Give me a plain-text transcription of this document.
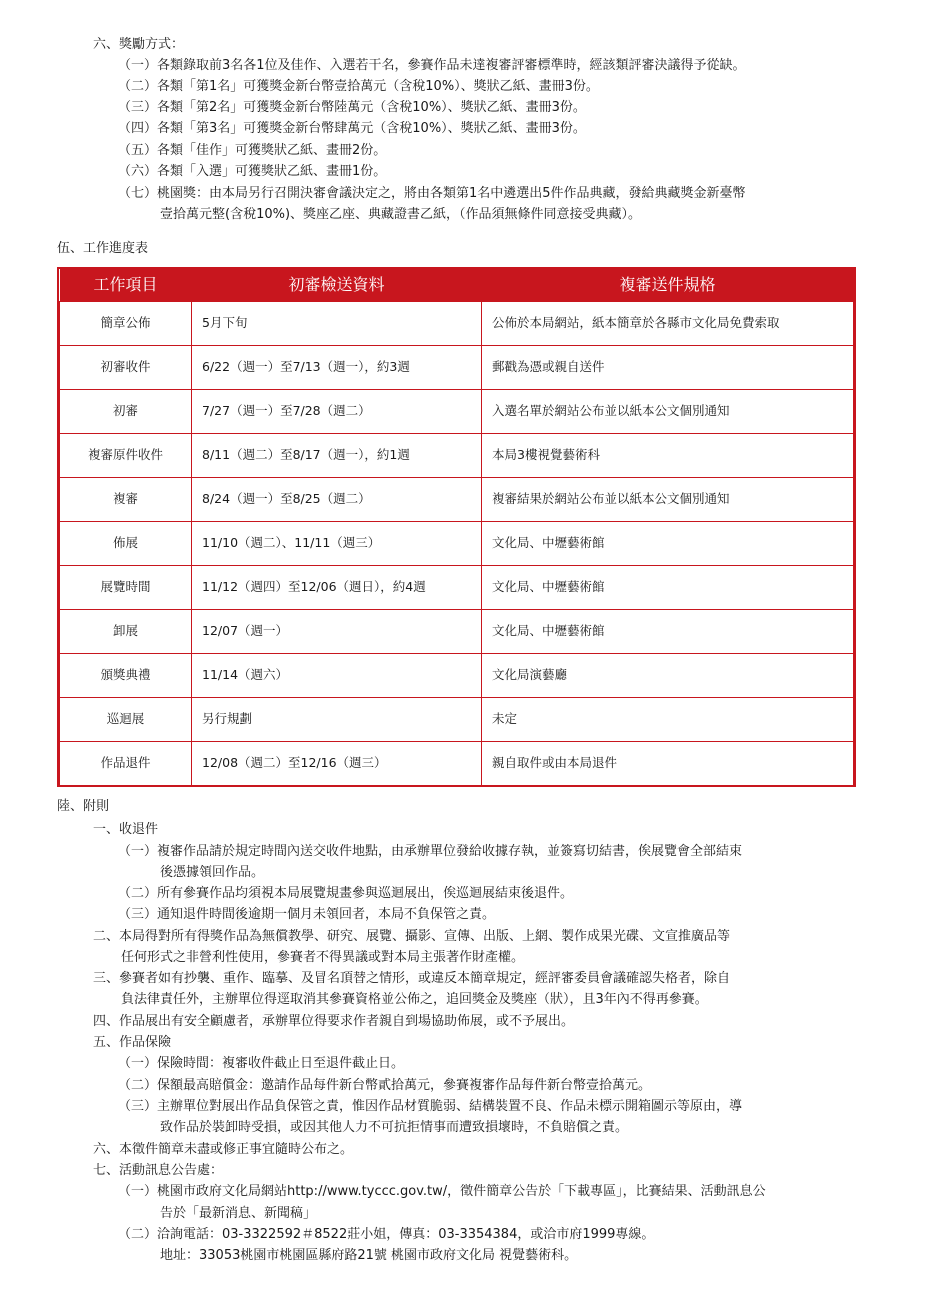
六、獎勵方式：
（一）各類錄取前3名各1位及佳作、入選若干名，參賽作品未達複審評審標準時，經該類評審決議得予從缺。
（二）各類「第1名」可獲獎金新台幣壹拾萬元（含稅10%）、獎狀乙紙、畫冊3份。
（三）各類「第2名」可獲獎金新台幣陸萬元（含稅10%）、獎狀乙紙、畫冊3份。
（四）各類「第3名」可獲獎金新台幣肆萬元（含稅10%）、獎狀乙紙、畫冊3份。
（五）各類「佳作」可獲獎狀乙紙、畫冊2份。
（六）各類「入選」可獲獎狀乙紙、畫冊1份。
（七）桃園獎：由本局另行召開決審會議決定之，將由各類第1名中遴選出5件作品典藏，發給典藏獎金新臺幣
壹拾萬元整(含稅10%)、獎座乙座、典藏證書乙紙，（作品須無條件同意接受典藏）。
伍、工作進度表
工作項目	初審檢送資料	複審送件規格
簡章公佈	5月下旬	公佈於本局網站，紙本簡章於各縣市文化局免費索取
初審收件	6/22（週一）至7/13（週一），約3週	郵戳為憑或親自送件
初審	7/27（週一）至7/28（週二）	入選名單於網站公布並以紙本公文個別通知
複審原件收件	8/11（週二）至8/17（週一），約1週	本局3樓視覺藝術科
複審	8/24（週一）至8/25（週二）	複審結果於網站公布並以紙本公文個別通知
佈展	11/10（週二）、11/11（週三）	文化局、中壢藝術館
展覽時間	11/12（週四）至12/06（週日），約4週	文化局、中壢藝術館
卸展	12/07（週一）	文化局、中壢藝術館
頒獎典禮	11/14（週六）	文化局演藝廳
巡迴展	另行規劃	未定
作品退件	12/08（週二）至12/16（週三）	親自取件或由本局退件
陸、附則
一、收退件
（一）複審作品請於規定時間內送交收件地點，由承辦單位發給收據存執，並簽寫切結書，俟展覽會全部結束
後憑據領回作品。
（二）所有參賽作品均須視本局展覽規畫參與巡迴展出，俟巡迴展結束後退件。
（三）通知退件時間後逾期一個月未領回者，本局不負保管之責。
二、本局得對所有得獎作品為無償教學、研究、展覽、攝影、宣傳、出版、上網、製作成果光碟、文宣推廣品等
任何形式之非營利性使用，參賽者不得異議或對本局主張著作財產權。
三、參賽者如有抄襲、重作、臨摹、及冒名頂替之情形，或違反本簡章規定，經評審委員會議確認失格者，除自
負法律責任外，主辦單位得逕取消其參賽資格並公佈之，追回獎金及獎座（狀），且3年內不得再參賽。
四、作品展出有安全顧慮者，承辦單位得要求作者親自到場協助佈展，或不予展出。
五、作品保險
（一）保險時間：複審收件截止日至退件截止日。
（二）保額最高賠償金：邀請作品每件新台幣貳拾萬元，參賽複審作品每件新台幣壹拾萬元。
（三）主辦單位對展出作品負保管之責，惟因作品材質脆弱、結構裝置不良、作品未標示開箱圖示等原由，導
致作品於裝卸時受損，或因其他人力不可抗拒情事而遭致損壞時，不負賠償之責。
六、本徵件簡章未盡或修正事宜隨時公布之。
七、活動訊息公告處：
（一）桃園市政府文化局網站http://www.tyccc.gov.tw/，徵件簡章公告於「下載專區」，比賽結果、活動訊息公
告於「最新消息、新聞稿」
（二）洽詢電話：03-3322592＃8522莊小姐，傳真：03-3354384，或洽市府1999專線。
地址：33053桃園市桃園區縣府路21號 桃園市政府文化局 視覺藝術科。
